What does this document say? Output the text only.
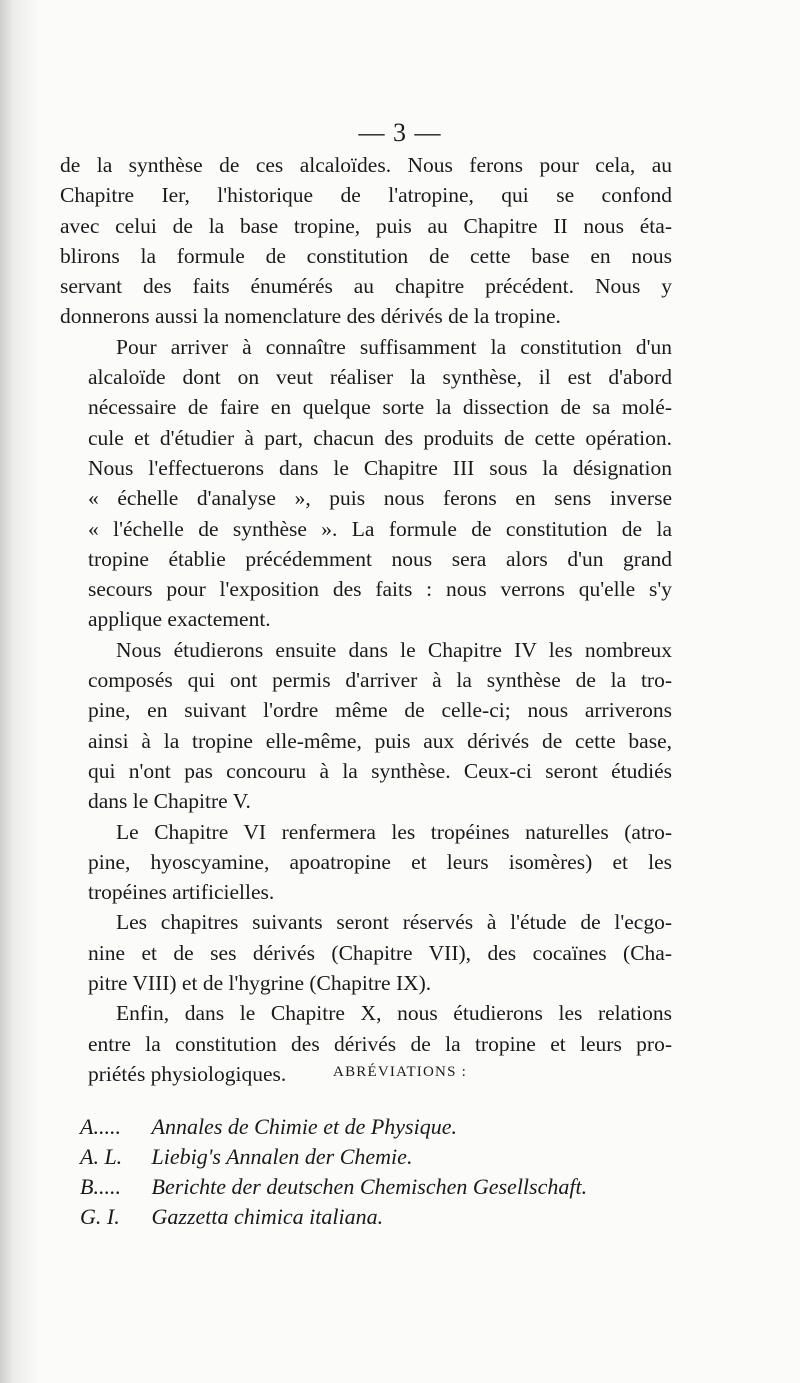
— 3 —
de la synthèse de ces alcaloïdes. Nous ferons pour cela, au
Chapitre Ier, l'historique de l'atropine, qui se confond
avec celui de la base tropine, puis au Chapitre II nous éta-
blirons la formule de constitution de cette base en nous
servant des faits énumérés au chapitre précédent. Nous y
donnerons aussi la nomenclature des dérivés de la tropine.
Pour arriver à connaître suffisamment la constitution d'un
alcaloïde dont on veut réaliser la synthèse, il est d'abord
nécessaire de faire en quelque sorte la dissection de sa molé-
cule et d'étudier à part, chacun des produits de cette opération.
Nous l'effectuerons dans le Chapitre III sous la désignation
« échelle d'analyse », puis nous ferons en sens inverse
« l'échelle de synthèse ». La formule de constitution de la
tropine établie précédemment nous sera alors d'un grand
secours pour l'exposition des faits : nous verrons qu'elle s'y
applique exactement.
Nous étudierons ensuite dans le Chapitre IV les nombreux
composés qui ont permis d'arriver à la synthèse de la tro-
pine, en suivant l'ordre même de celle-ci; nous arriverons
ainsi à la tropine elle-même, puis aux dérivés de cette base,
qui n'ont pas concouru à la synthèse. Ceux-ci seront étudiés
dans le Chapitre V.
Le Chapitre VI renfermera les tropéines naturelles (atro-
pine, hyoscyamine, apoatropine et leurs isomères) et les
tropéines artificielles.
Les chapitres suivants seront réservés à l'étude de l'ecgo-
nine et de ses dérivés (Chapitre VII), des cocaïnes (Cha-
pitre VIII) et de l'hygrine (Chapitre IX).
Enfin, dans le Chapitre X, nous étudierons les relations
entre la constitution des dérivés de la tropine et leurs pro-
priétés physiologiques.	ABRÉVIATIONS :
A..... Annales de Chimie et de Physique.
A. L. Liebig's Annalen der Chemie.
B..... Berichte der deutschen Chemischen Gesellschaft.
G. I. Gazzetta chimica italiana.
